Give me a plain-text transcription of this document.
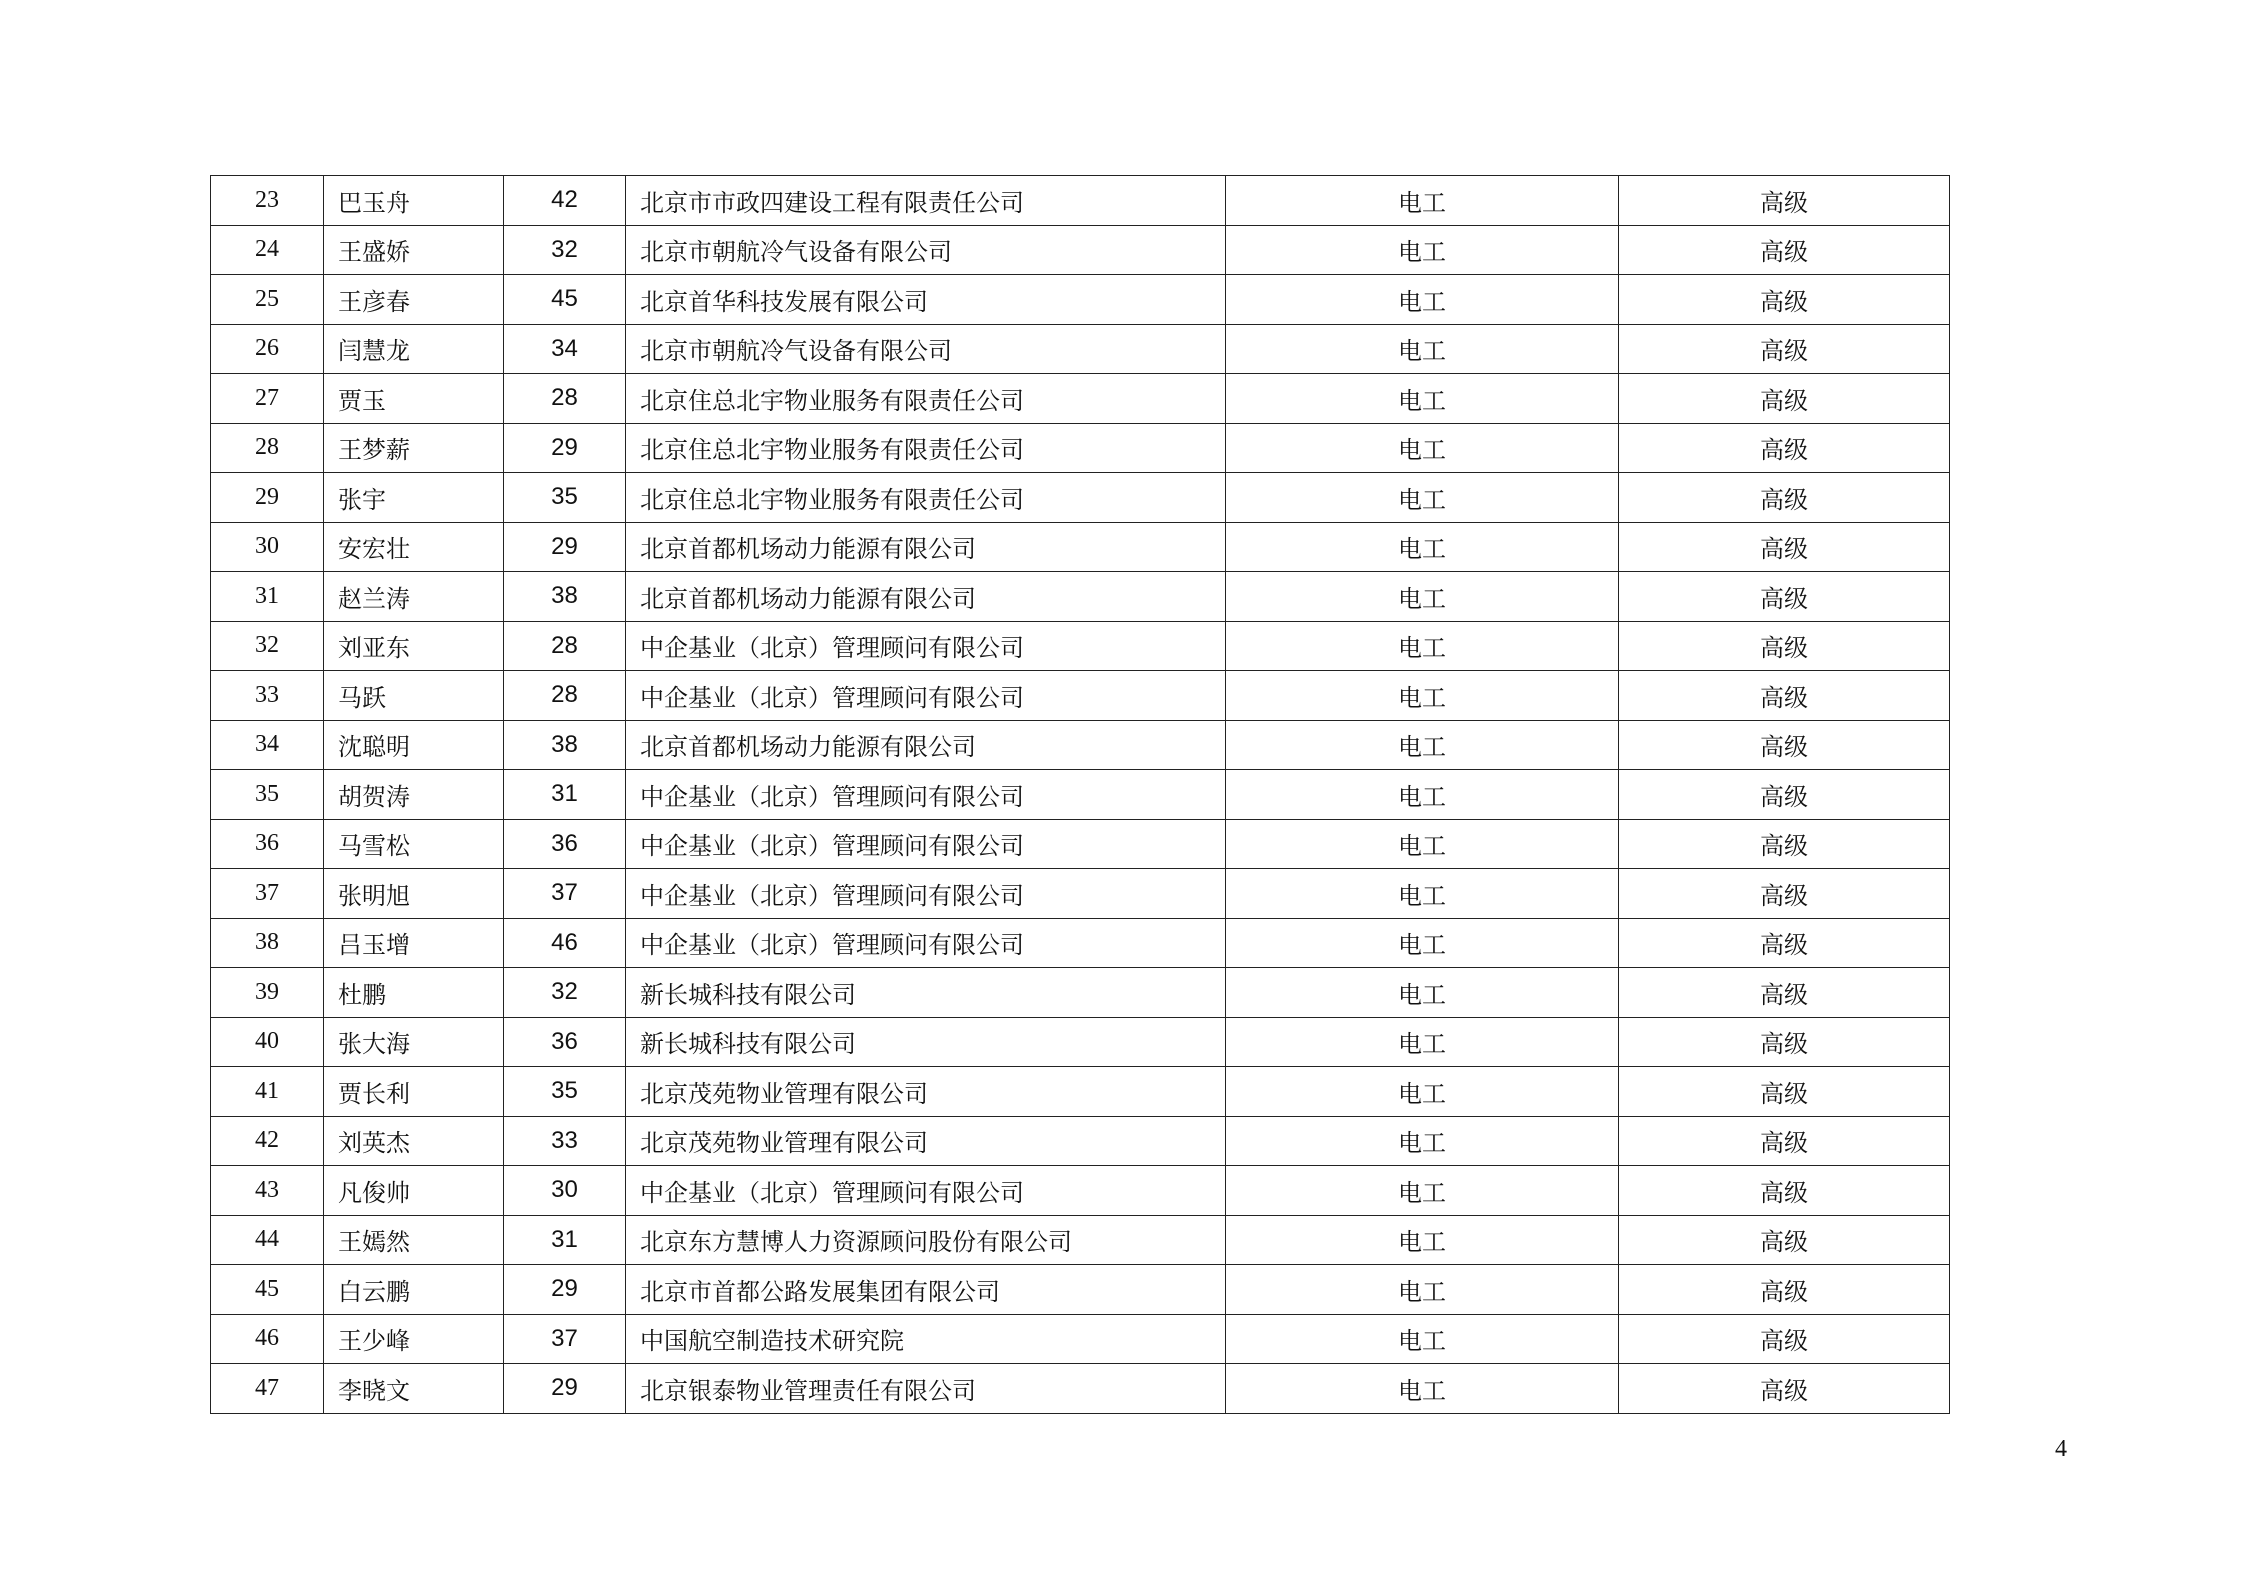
23	巴玉舟	42	北京市市政四建设工程有限责任公司	电工	高级
24	王盛娇	32	北京市朝航冷气设备有限公司	电工	高级
25	王彦春	45	北京首华科技发展有限公司	电工	高级
26	闫慧龙	34	北京市朝航冷气设备有限公司	电工	高级
27	贾玉	28	北京住总北宇物业服务有限责任公司	电工	高级
28	王梦薪	29	北京住总北宇物业服务有限责任公司	电工	高级
29	张宇	35	北京住总北宇物业服务有限责任公司	电工	高级
30	安宏壮	29	北京首都机场动力能源有限公司	电工	高级
31	赵兰涛	38	北京首都机场动力能源有限公司	电工	高级
32	刘亚东	28	中企基业（北京）管理顾问有限公司	电工	高级
33	马跃	28	中企基业（北京）管理顾问有限公司	电工	高级
34	沈聪明	38	北京首都机场动力能源有限公司	电工	高级
35	胡贺涛	31	中企基业（北京）管理顾问有限公司	电工	高级
36	马雪松	36	中企基业（北京）管理顾问有限公司	电工	高级
37	张明旭	37	中企基业（北京）管理顾问有限公司	电工	高级
38	吕玉增	46	中企基业（北京）管理顾问有限公司	电工	高级
39	杜鹏	32	新长城科技有限公司	电工	高级
40	张大海	36	新长城科技有限公司	电工	高级
41	贾长利	35	北京茂苑物业管理有限公司	电工	高级
42	刘英杰	33	北京茂苑物业管理有限公司	电工	高级
43	凡俊帅	30	中企基业（北京）管理顾问有限公司	电工	高级
44	王嫣然	31	北京东方慧博人力资源顾问股份有限公司	电工	高级
45	白云鹏	29	北京市首都公路发展集团有限公司	电工	高级
46	王少峰	37	中国航空制造技术研究院	电工	高级
47	李晓文	29	北京银泰物业管理责任有限公司	电工	高级
4
